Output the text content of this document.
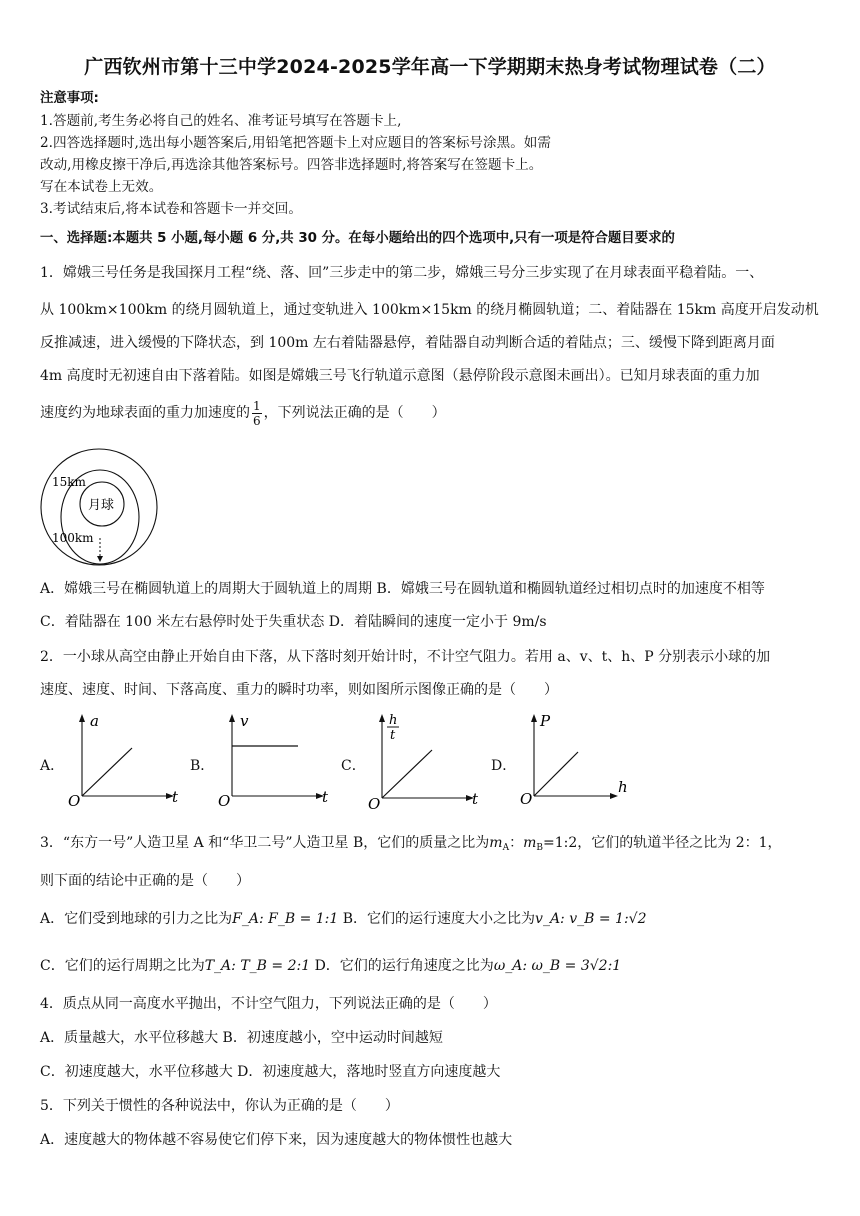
广西钦州市第十三中学2024-2025学年高一下学期期末热身考试物理试卷（二）
注意事项:
1.答题前,考生务必将自己的姓名、准考证号填写在答题卡上,
2.四答选择题时,选出每小题答案后,用铅笔把答题卡上对应题目的答案标号涂黑。如需
改动,用橡皮擦干净后,再选涂其他答案标号。四答非选择题时,将答案写在签题卡上。
写在本试卷上无效。
3.考试结束后,将本试卷和答题卡一并交回。
一、选择题:本题共 5 小题,每小题 6 分,共 30 分。在每小题给出的四个选项中,只有一项是符合题目要求的
1．嫦娥三号任务是我国探月工程“绕、落、回”三步走中的第二步，嫦娥三号分三步实现了在月球表面平稳着陆。一、
从 100km×100km 的绕月圆轨道上，通过变轨进入 100km×15km 的绕月椭圆轨道；二、着陆器在 15km 高度开启发动机
反推减速，进入缓慢的下降状态，到 100m 左右着陆器悬停，着陆器自动判断合适的着陆点；三、缓慢下降到距离月面
4m 高度时无初速自由下落着陆。如图是嫦娥三号飞行轨道示意图（悬停阶段示意图未画出）。已知月球表面的重力加
速度约为地球表面的重力加速度的 $\frac{1}{6}$ ，下列说法正确的是（　　）
15km
月球
100km
A．嫦娥三号在椭圆轨道上的周期大于圆轨道上的周期 B．嫦娥三号在圆轨道和椭圆轨道经过相切点时的加速度不相等
C．着陆器在 100 米左右悬停时处于失重状态 D．着陆瞬间的速度一定小于 9m/s
2．一小球从高空由静止开始自由下落，从下落时刻开始计时，不计空气阻力。若用 a、v、t、h、P 分别表示小球的加
速度、速度、时间、下落高度、重力的瞬时功率，则如图所示图像正确的是（　　）
A．
a
t
O
B．
v
t
O
C．
h
t
t
O
D．
P
h
O
3．“东方一号”人造卫星 A 和“华卫二号”人造卫星 B，它们的质量之比为$m_A$：$m_B=1:2$，它们的轨道半径之比为 2：1，
则下面的结论中正确的是（　　）
A．它们受到地球的引力之比为F_A: F_B = 1:1 B．它们的运行速度大小之比为v_A: v_B = 1:√2
C．它们的运行周期之比为T_A: T_B = 2:1 D．它们的运行角速度之比为ω_A: ω_B = 3√2:1
4．质点从同一高度水平抛出，不计空气阻力，下列说法正确的是（　　）
A．质量越大，水平位移越大 B．初速度越小，空中运动时间越短
C．初速度越大，水平位移越大 D．初速度越大，落地时竖直方向速度越大
5．下列关于惯性的各种说法中，你认为正确的是（　　）
A．速度越大的物体越不容易使它们停下来，因为速度越大的物体惯性也越大
